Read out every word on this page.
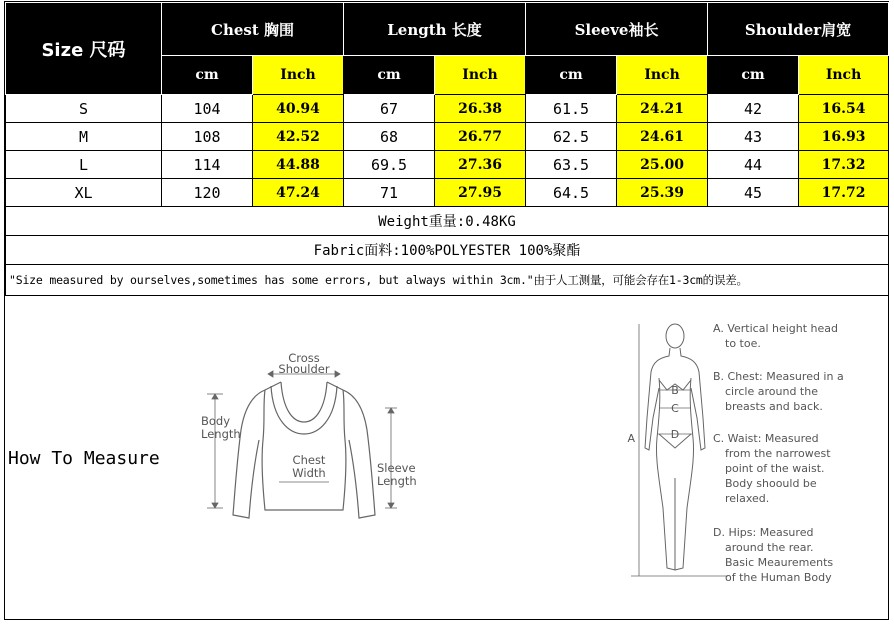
Size 尺码	Chest 胸围		Length 长度		Sleeve袖长		Shoulder肩宽	
	cm	Inch	cm	Inch	cm	Inch	cm	Inch
S	104	40.94	67	26.38	61.5	24.21	42	16.54
M	108	42.52	68	26.77	62.5	24.61	43	16.93
L	114	44.88	69.5	27.36	63.5	25.00	44	17.32
XL	120	47.24	71	27.95	64.5	25.39	45	17.72
Weight重量:0.48KG								
Fabric面料:100%POLYESTER 100%聚酯								
"Size measured by ourselves,sometimes has some errors, but always within 3cm."由于人工测量，可能会存在1-3cm的误差。								
How To Measure
Cross
Shoulder
Body
Length
Chest
Width	Sleeve
Length
B
C
D
A
A. Vertical height head
to toe.
B. Chest: Measured in a
circle around the
breasts and back.
C. Waist: Measured
from the narrowest
point of the waist.
Body shoould be
relaxed.
D. Hips: Measured
around the rear.
Basic Meaurements
of the Human Body
